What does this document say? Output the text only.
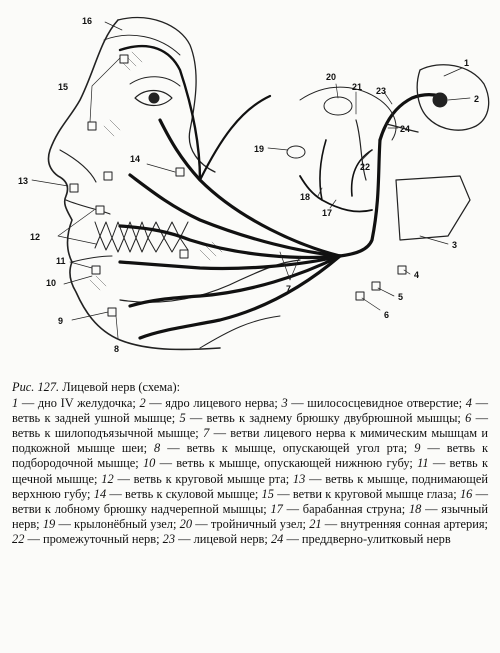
16
15
14
13
12
11
10
9
8
7
6
5
4
3
2
1
23
24
20
21
19
22
18
17

Рис. 127. Лицевой нерв (схема):

1 — дно IV желудочка; 2 — ядро лицевого нерва; 3 — шилососцевидное отверстие; 4 — ветвь к задней ушной мышце; 5 — ветвь к заднему брюшку двубрюшной мышцы; 6 — ветвь к шилоподъязычной мышце; 7 — ветви лицевого нерва к мимическим мышцам и подкожной мышце шеи; 8 — ветвь к мышце, опускающей угол рта; 9 — ветвь к подбородочной мышце; 10 — ветвь к мышце, опускающей нижнюю губу; 11 — ветвь к щечной мышце; 12 — ветвь к круговой мышце рта; 13 — ветвь к мышце, поднимающей верхнюю губу; 14 — ветвь к скуловой мышце; 15 — ветви к круговой мышце глаза; 16 — ветви к лобному брюшку надчерепной мышцы; 17 — барабанная струна; 18 — язычный нерв; 19 — крылонёбный узел; 20 — тройничный узел; 21 — внутренняя сонная артерия; 22 — промежуточный нерв; 23 — лицевой нерв; 24 — преддверно-улитковый нерв
